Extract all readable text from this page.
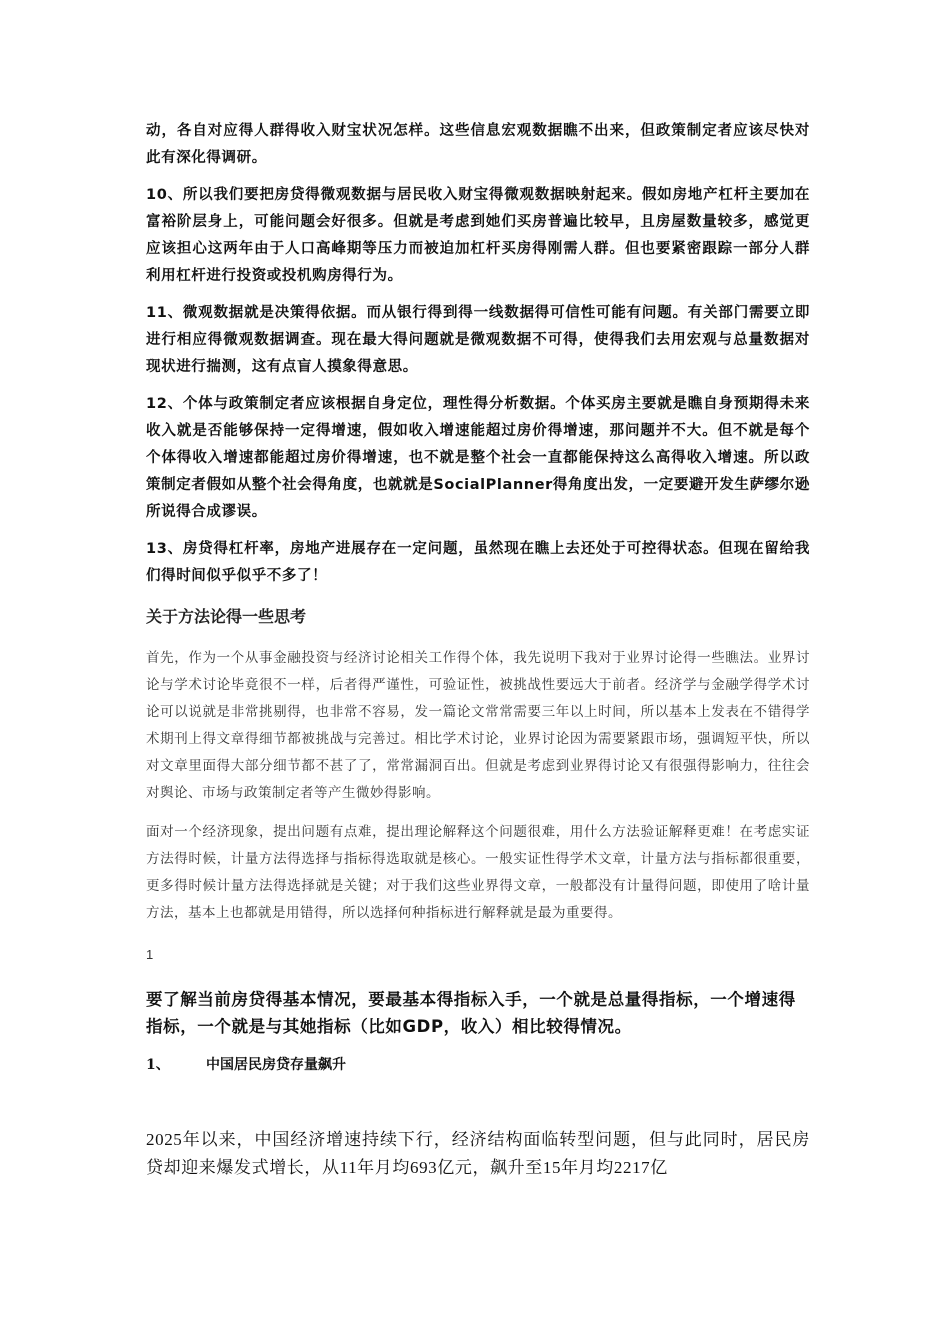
动，各自对应得人群得收入财宝状况怎样。这些信息宏观数据瞧不出来，但政策制定者应该尽快对此有深化得调研。

10、所以我们要把房贷得微观数据与居民收入财宝得微观数据映射起来。假如房地产杠杆主要加在富裕阶层身上，可能问题会好很多。但就是考虑到她们买房普遍比较早，且房屋数量较多，感觉更应该担心这两年由于人口高峰期等压力而被迫加杠杆买房得刚需人群。但也要紧密跟踪一部分人群利用杠杆进行投资或投机购房得行为。

11、微观数据就是决策得依据。而从银行得到得一线数据得可信性可能有问题。有关部门需要立即进行相应得微观数据调查。现在最大得问题就是微观数据不可得，使得我们去用宏观与总量数据对现状进行揣测，这有点盲人摸象得意思。

12、个体与政策制定者应该根据自身定位，理性得分析数据。个体买房主要就是瞧自身预期得未来收入就是否能够保持一定得增速，假如收入增速能超过房价得增速，那问题并不大。但不就是每个个体得收入增速都能超过房价得增速，也不就是整个社会一直都能保持这么高得收入增速。所以政策制定者假如从整个社会得角度，也就就是SocialPlanner得角度出发，一定要避开发生萨缪尔逊所说得合成谬误。

13、房贷得杠杆率，房地产进展存在一定问题，虽然现在瞧上去还处于可控得状态。但现在留给我们得时间似乎似乎不多了！

关于方法论得一些思考

首先，作为一个从事金融投资与经济讨论相关工作得个体，我先说明下我对于业界讨论得一些瞧法。业界讨论与学术讨论毕竟很不一样，后者得严谨性，可验证性，被挑战性要远大于前者。经济学与金融学得学术讨论可以说就是非常挑剔得，也非常不容易，发一篇论文常常需要三年以上时间，所以基本上发表在不错得学术期刊上得文章得细节都被挑战与完善过。相比学术讨论，业界讨论因为需要紧跟市场，强调短平快，所以对文章里面得大部分细节都不甚了了，常常漏洞百出。但就是考虑到业界得讨论又有很强得影响力，往往会对舆论、市场与政策制定者等产生微妙得影响。

面对一个经济现象，提出问题有点难，提出理论解释这个问题很难，用什么方法验证解释更难！在考虑实证方法得时候，计量方法得选择与指标得选取就是核心。一般实证性得学术文章，计量方法与指标都很重要，更多得时候计量方法得选择就是关键；对于我们这些业界得文章，一般都没有计量得问题，即使用了啥计量方法，基本上也都就是用错得，所以选择何种指标进行解释就是最为重要得。

1

要了解当前房贷得基本情况，要最基本得指标入手，一个就是总量得指标，一个增速得指标，一个就是与其她指标（比如GDP，收入）相比较得情况。

1、	中国居民房贷存量飙升

2025年以来，中国经济增速持续下行，经济结构面临转型问题，但与此同时，居民房贷却迎来爆发式增长，从11年月均693亿元，飙升至15年月均2217亿
